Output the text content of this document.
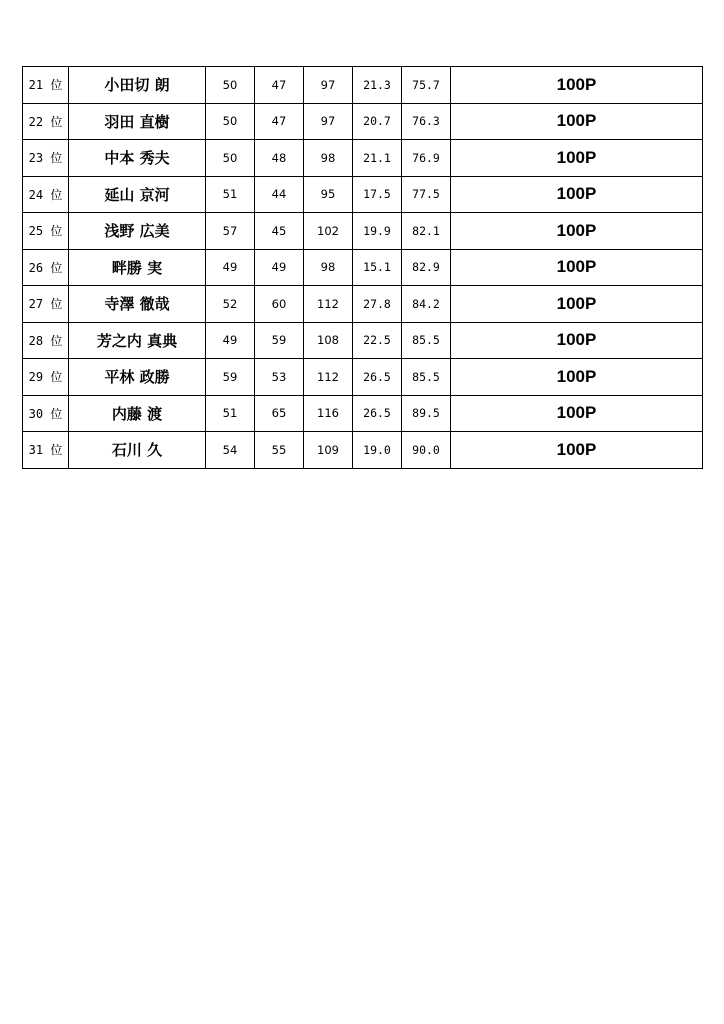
21 位	小田切 朗	50	47	97	21.3	75.7	100P
22 位	羽田 直樹	50	47	97	20.7	76.3	100P
23 位	中本 秀夫	50	48	98	21.1	76.9	100P
24 位	延山 京河	51	44	95	17.5	77.5	100P
25 位	浅野 広美	57	45	102	19.9	82.1	100P
26 位	畔勝 実	49	49	98	15.1	82.9	100P
27 位	寺澤 徹哉	52	60	112	27.8	84.2	100P
28 位	芳之内 真典	49	59	108	22.5	85.5	100P
29 位	平林 政勝	59	53	112	26.5	85.5	100P
30 位	内藤 渡	51	65	116	26.5	89.5	100P
31 位	石川 久	54	55	109	19.0	90.0	100P
